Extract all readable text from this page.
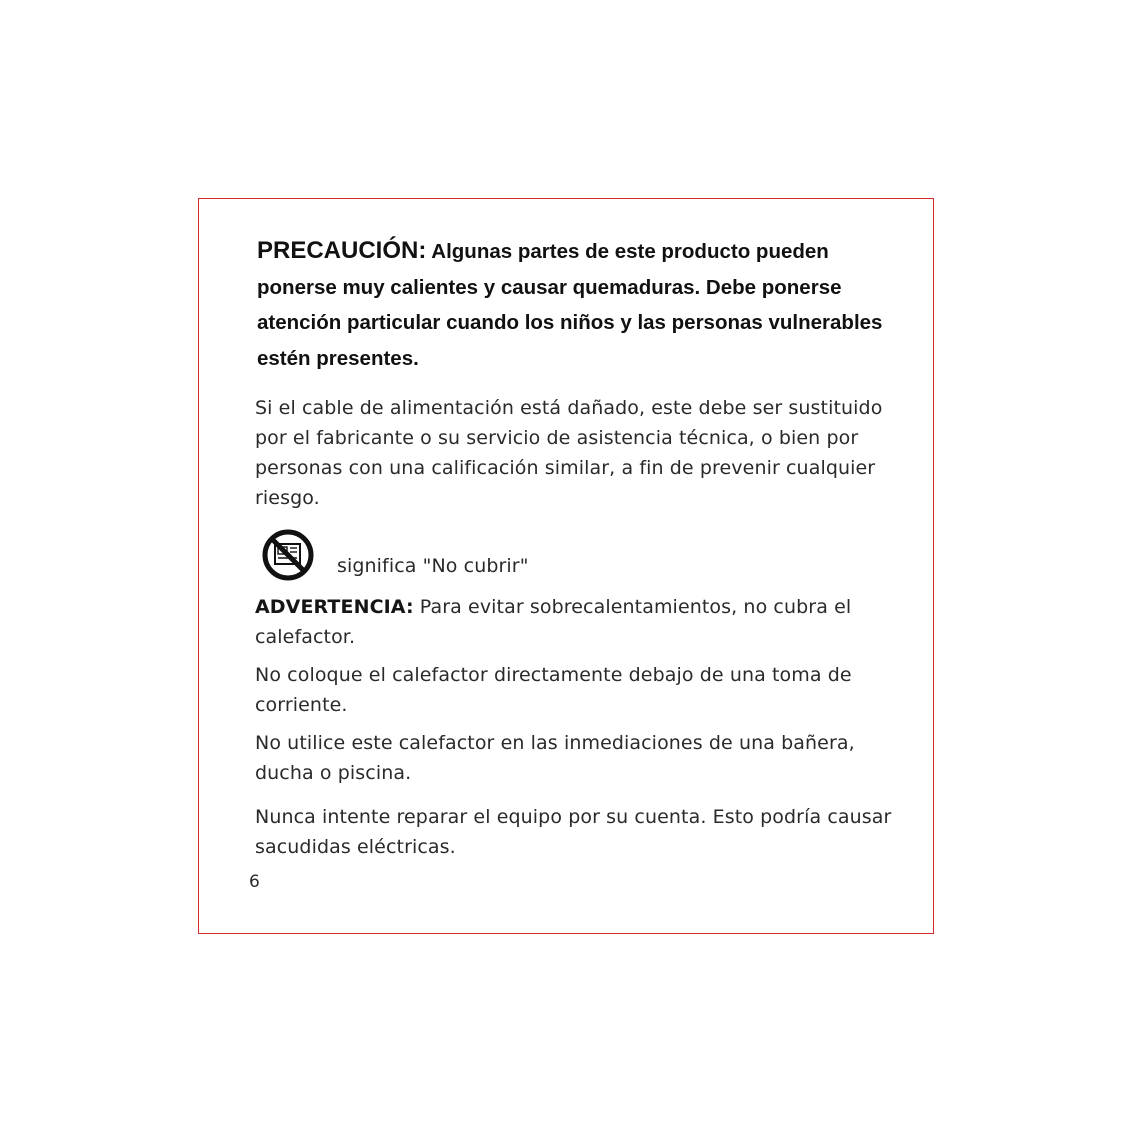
PRECAUCIÓN: Algunas partes de este producto pueden ponerse muy calientes y causar quemaduras. Debe ponerse atención particular cuando los niños y las personas vulnerables estén presentes.

Si el cable de alimentación está dañado, este debe ser sustituido por el fabricante o su servicio de asistencia técnica, o bien por personas con una calificación similar, a fin de prevenir cualquier riesgo.

significa "No cubrir"

ADVERTENCIA: Para evitar sobrecalentamientos, no cubra el calefactor.

No coloque el calefactor directamente debajo de una toma de corriente.

No utilice este calefactor en las inmediaciones de una bañera, ducha o piscina.

Nunca intente reparar el equipo por su cuenta. Esto podría causar sacudidas eléctricas.

6
